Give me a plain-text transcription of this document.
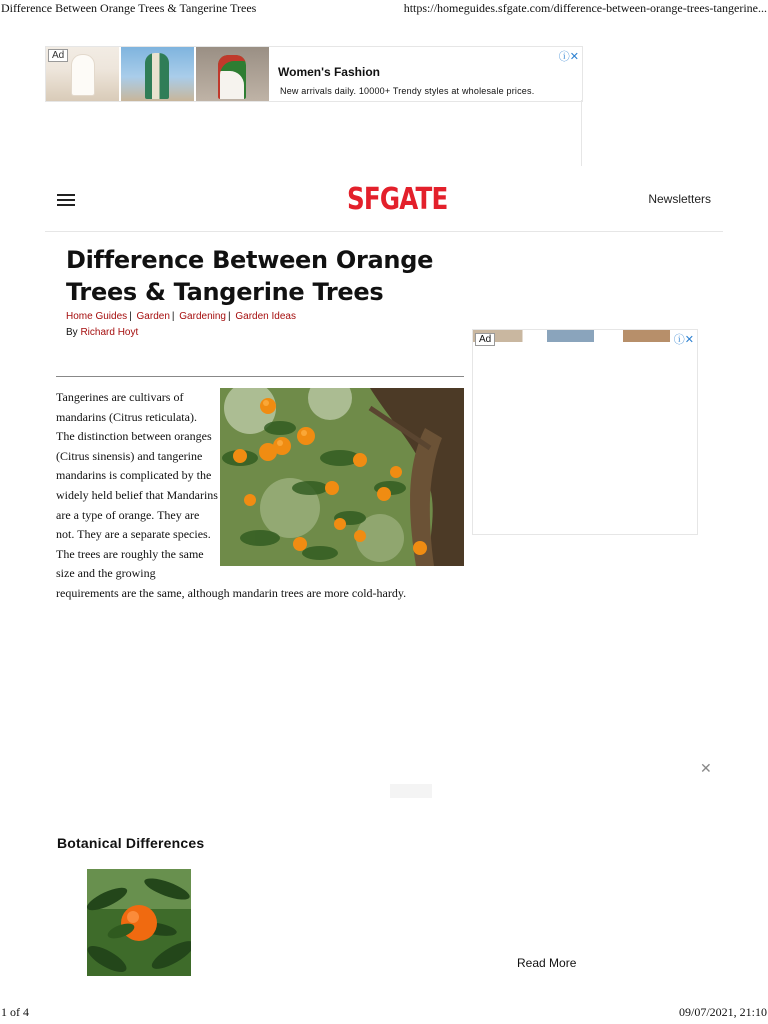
Difference Between Orange Trees & Tangerine Trees	https://homeguides.sfgate.com/difference-between-orange-trees-tangerine...
Ad
Women's Fashion
New arrivals daily. 10000+ Trendy styles at wholesale prices.
ⓘ✕
SFGATE	Newsletters
Difference Between Orange Trees & Tangerine Trees
Home Guides | Garden | Gardening | Garden Ideas
By Richard Hoyt
Ad	ⓘ✕
Tangerines are cultivars of mandarins (Citrus reticulata). The distinction between oranges (Citrus sinensis) and tangerine mandarins is complicated by the widely held belief that Mandarins are a type of orange. They are not. They are a separate species. The trees are roughly the same size and the growing requirements are the same, although mandarin trees are more cold-hardy.
✕
Botanical Differences
Read More
1 of 4	09/07/2021, 21:10
